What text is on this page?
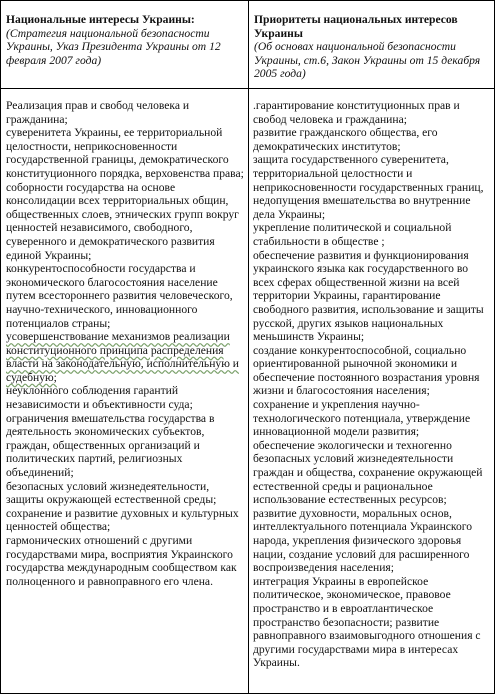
Национальные интересы Украины:
(Стратегия национальной безопасности Украины, Указ Президента Украины от 12 февраля 2007 года)
Приоритеты национальных интересов Украины
(Об основах национальной безопасности Украины, ст.6, Закон Украины от 15 декабря 2005 года)

Реализация прав и свобод человека и гражданина;

суверенитета Украины, ее территориальной целостности, неприкосновенности государственной границы, демократического конституционного порядка, верховенства права;

соборности государства на основе консолидации всех территориальных общин, общественных слоев, этнических групп вокруг ценностей независимого, свободного, суверенного и демократического развития единой Украины;

конкурентоспособности государства и экономического благосостояния население путем всестороннего развития человеческого, научно-технического, инновационного потенциалов страны;

усовершенствование механизмов реализации конституционного принципа распределения власти на законодательную, исполнительную и судебную;

неуклонного соблюдения гарантий независимости и объективности суда;

ограничения вмешательства государства в деятельность экономических субъектов, граждан, общественных организаций и политических партий, религиозных объединений;

безопасных условий жизнедеятельности, защиты окружающей естественной среды;

сохранение и развитие духовных и культурных ценностей общества;

гармонических отношений с другими государствами мира, восприятия Украинского государства международным сообществом как полноценного и равноправного его члена.

.гарантирование конституционных прав и свобод человека и гражданина;

развитие гражданского общества, его демократических институтов;

защита государственного суверенитета, территориальной целостности и неприкосновенности государственных границ, недопущения вмешательства во внутренние дела Украины;

укрепление политической и социальной стабильности в обществе ;

обеспечение развития и функционирования украинского языка как государственного во всех сферах общественной жизни на всей территории Украины, гарантирование свободного развития, использование и защиты русской, других языков национальных меньшинств Украины;

создание конкурентоспособной, социально ориентированной рыночной экономики и обеспечение постоянного возрастания уровня жизни и благосостояния населения;

сохранение и укрепления научно-технологического потенциала, утверждение инновационной модели развития;

обеспечение экологически и техногенно безопасных условий жизнедеятельности граждан и общества, сохранение окружающей естественной среды и рациональное использование естественных ресурсов;

развитие духовности, моральных основ, интеллектуального потенциала Украинского народа, укрепления физического здоровья нации, создание условий для расширенного воспроизведения населения;

интеграция Украины в европейское политическое, экономическое, правовое пространство и в евроатлантическое пространство безопасности; развитие равноправного взаимовыгодного отношения с другими государствами мира в интересах Украины.
